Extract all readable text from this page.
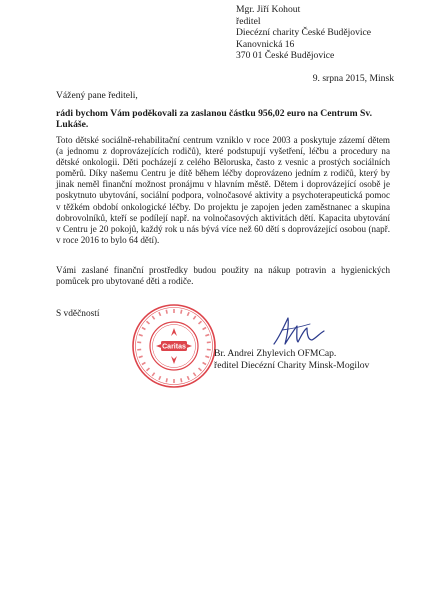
Mgr. Jiří Kohout
ředitel
Diecézní charity České Budějovice
Kanovnická 16
370 01 České Budějovice
9. srpna 2015, Minsk
Vážený pane řediteli,
rádi bychom Vám poděkovali za zaslanou částku 956,02 euro na Centrum Sv. Lukáše.
Toto dětské sociálně-rehabilitační centrum vzniklo v roce 2003 a poskytuje zázemí dětem (a jednomu z doprovázejících rodičů), které podstupují vyšetření, léčbu a procedury na dětské onkologii. Děti pocházejí z celého Běloruska, často z vesnic a prostých sociálních poměrů. Díky našemu Centru je dítě během léčby doprovázeno jedním z rodičů, který by jinak neměl finanční možnost pronájmu v hlavním městě. Dětem i doprovázející osobě je poskytnuto ubytování, sociální podpora, volnočasové aktivity a psychoterapeutická pomoc v těžkém období onkologické léčby. Do projektu je zapojen jeden zaměstnanec a skupina dobrovolníků, kteří se podílejí např. na volnočasových aktivitách dětí. Kapacita ubytování v Centru je 20 pokojů, každý rok u nás bývá více než 60 dětí s doprovázející osobou (např. v roce 2016 to bylo 64 dětí).
Vámi zaslané finanční prostředky budou použity na nákup potravin a hygienických pomůcek pro ubytované děti a rodiče.
S vděčností
Caritas
Br. Andrei Zhylevich OFMCap.
ředitel Diecézní Charity Minsk-Mogilov
